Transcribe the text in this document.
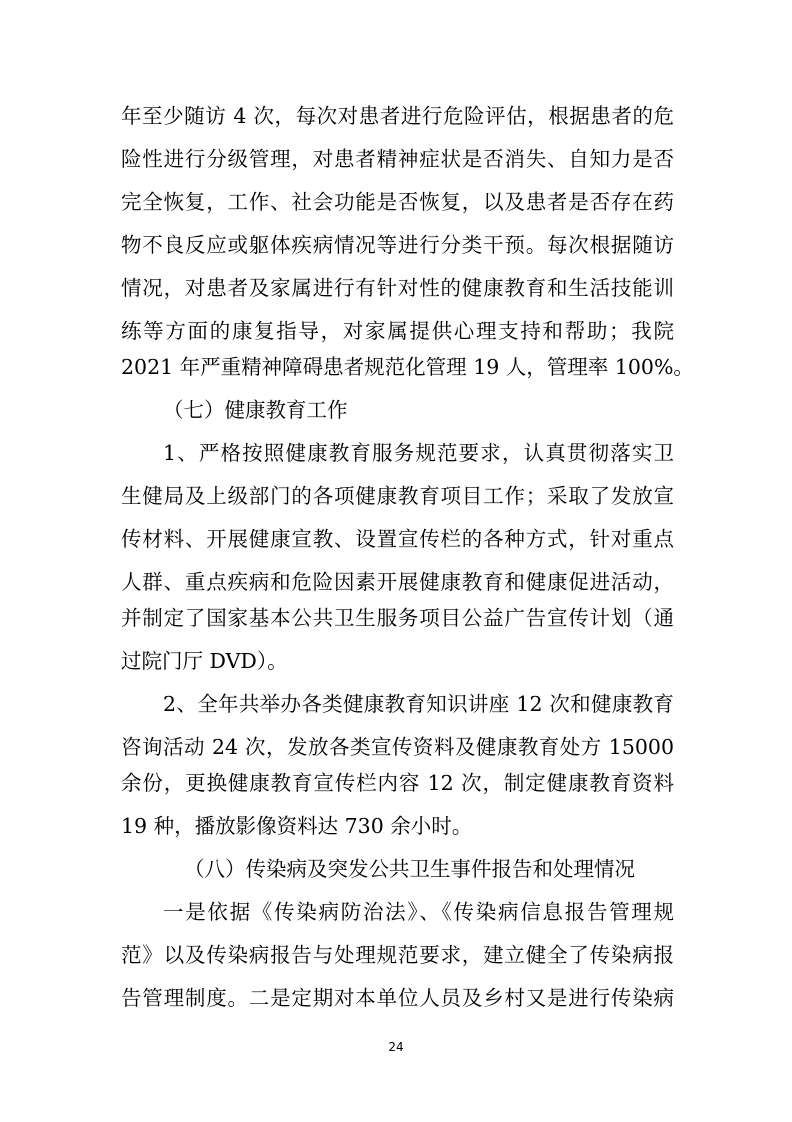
年至少随访 4 次，每次对患者进行危险评估，根据患者的危
险性进行分级管理，对患者精神症状是否消失、自知力是否
完全恢复，工作、社会功能是否恢复，以及患者是否存在药
物不良反应或躯体疾病情况等进行分类干预。每次根据随访
情况，对患者及家属进行有针对性的健康教育和生活技能训
练等方面的康复指导，对家属提供心理支持和帮助；我院
2021 年严重精神障碍患者规范化管理 19 人，管理率 100%。
（七）健康教育工作
1、严格按照健康教育服务规范要求，认真贯彻落实卫
生健局及上级部门的各项健康教育项目工作；采取了发放宣
传材料、开展健康宣教、设置宣传栏的各种方式，针对重点
人群、重点疾病和危险因素开展健康教育和健康促进活动，
并制定了国家基本公共卫生服务项目公益广告宣传计划（通
过院门厅 DVD）。
2、全年共举办各类健康教育知识讲座 12 次和健康教育
咨询活动 24 次，发放各类宣传资料及健康教育处方 15000
余份，更换健康教育宣传栏内容 12 次，制定健康教育资料
19 种，播放影像资料达 730 余小时。
（八）传染病及突发公共卫生事件报告和处理情况
一是依据《传染病防治法》、《传染病信息报告管理规
范》以及传染病报告与处理规范要求，建立健全了传染病报
告管理制度。二是定期对本单位人员及乡村又是进行传染病
24
